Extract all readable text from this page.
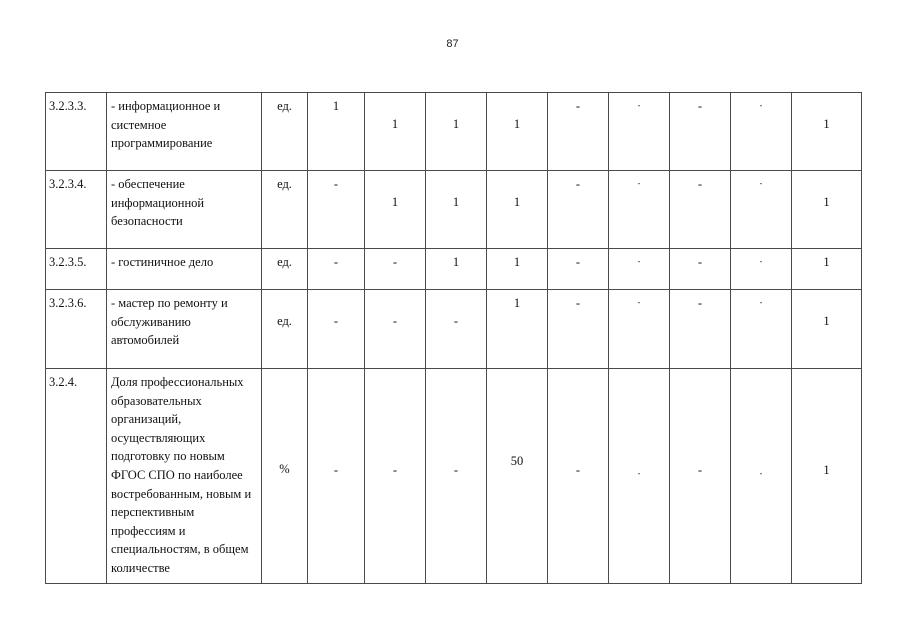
87
3.2.3.3.	- информационное и системное программирование	ед.	1	1	1	1	-	-	-	-	1

3.2.3.4.	- обеспечение информационной безопасности	ед.	-	1	1	1	-	-	-	-	1

3.2.3.5.	- гостиничное дело	ед.	-	-	1	1	-	-	-	-	1

3.2.3.6.	- мастер по ремонту и обслуживанию автомобилей	ед.	-	-	-	1	-	-	-	-	1

3.2.4.	Доля профессиональных образовательных организаций, осуществляющих подготовку по новым ФГОС СПО по наиболее востребованным, новым и перспективным профессиям и специальностям, в общем количестве	%	-	-	-	50	-	-	-	-	1
